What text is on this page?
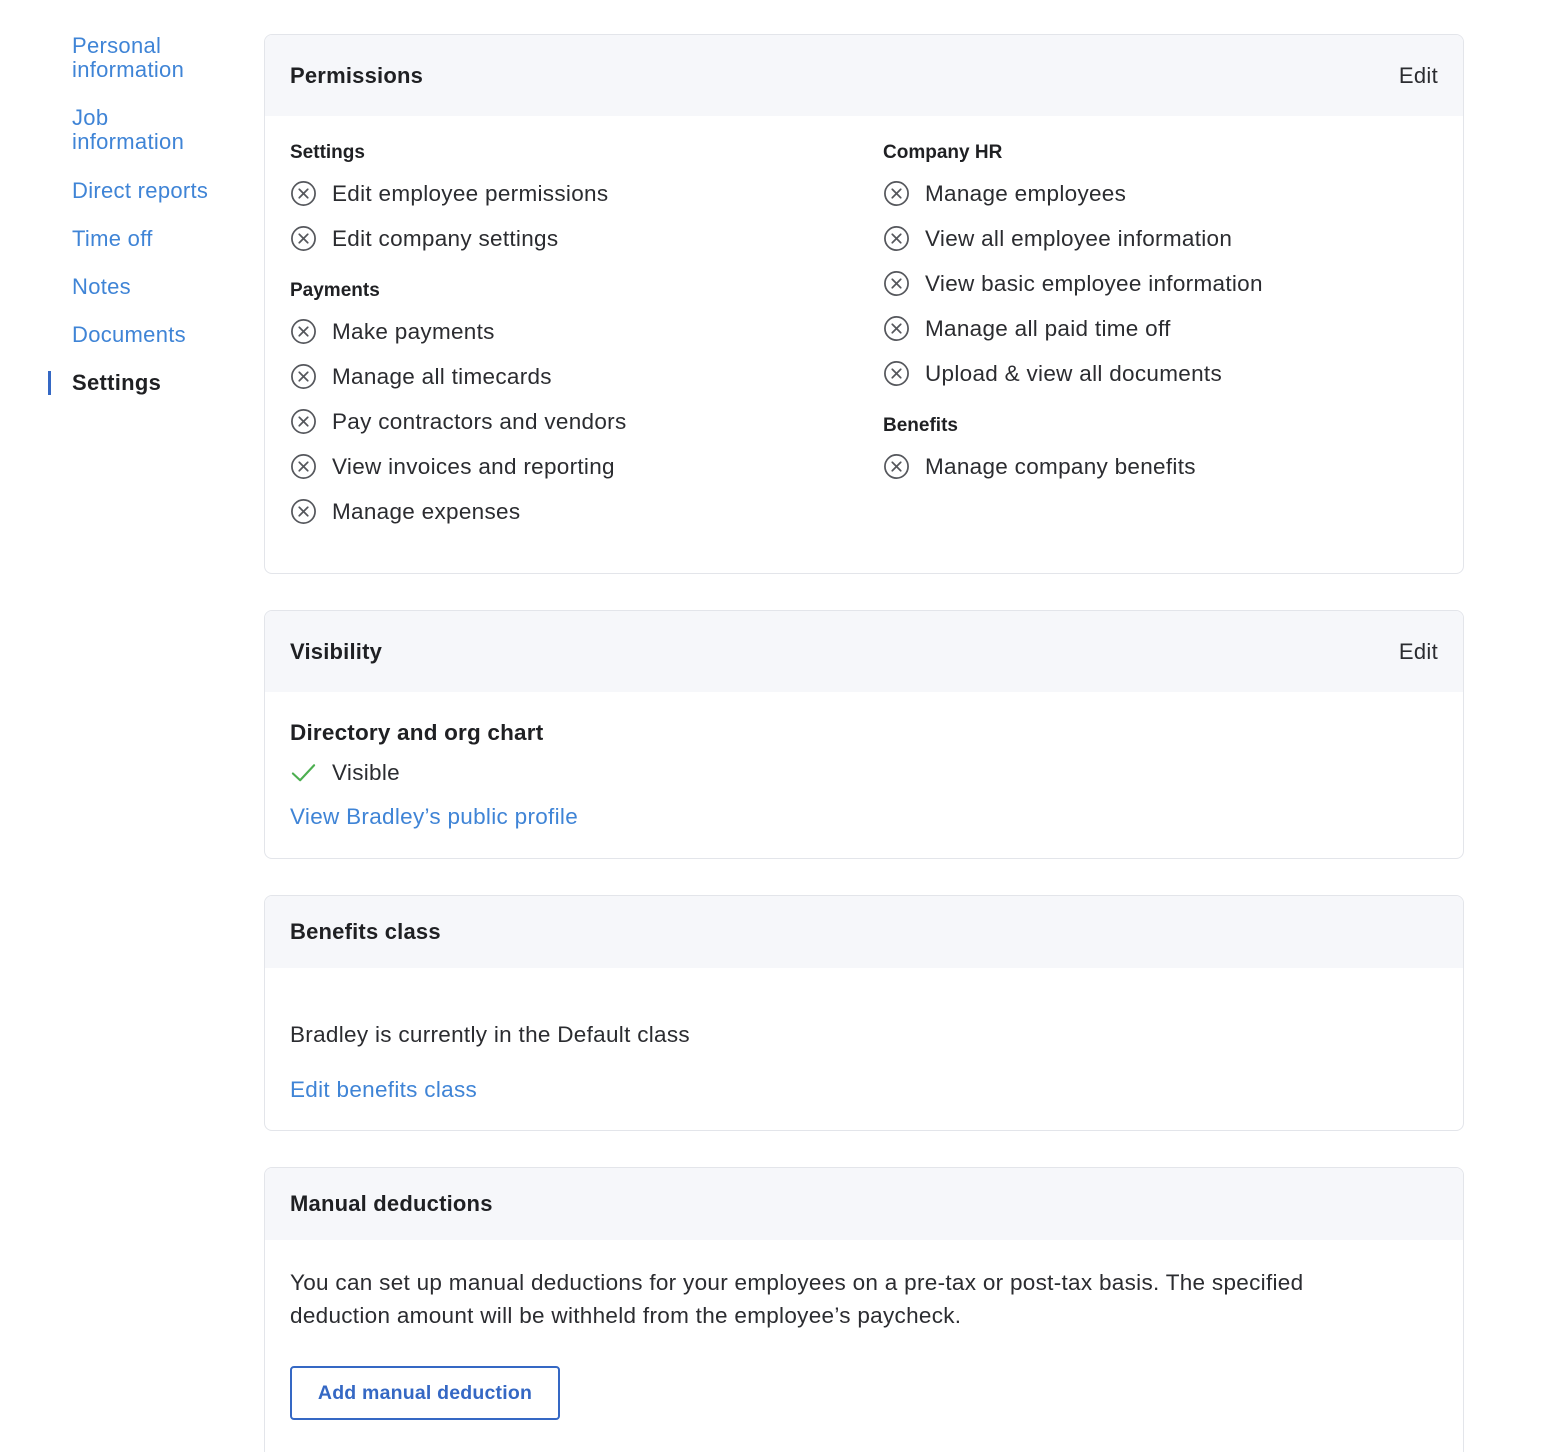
Personal
information
Job
information
Direct reports
Time off
Notes
Documents
Settings
Permissions	Edit
Settings
Edit employee permissions
Edit company settings
Payments
Make payments
Manage all timecards
Pay contractors and vendors
View invoices and reporting
Manage expenses
Company HR
Manage employees
View all employee information
View basic employee information
Manage all paid time off
Upload & view all documents
Benefits
Manage company benefits
Visibility	Edit
Directory and org chart
Visible
View Bradley’s public profile
Benefits class
Bradley is currently in the Default class
Edit benefits class
Manual deductions
You can set up manual deductions for your employees on a pre-tax or post-tax basis. The specified
deduction amount will be withheld from the employee’s paycheck.
Add manual deduction
